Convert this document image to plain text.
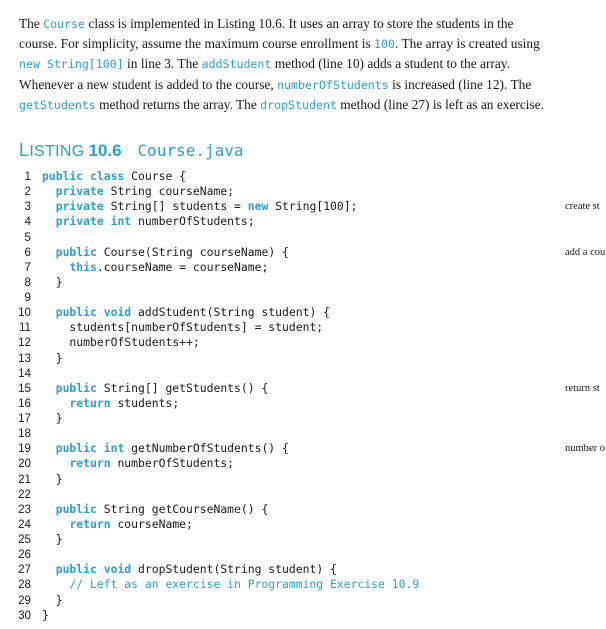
The Course class is implemented in Listing 10.6. It uses an array to store the students in the course. For simplicity, assume the maximum course enrollment is 100. The array is created using new String[100] in line 3. The addStudent method (line 10) adds a student to the array. Whenever a new student is added to the course, numberOfStudents is increased (line 12). The getStudents method returns the array. The dropStudent method (line 27) is left as an exercise.

LISTING 10.6 Course.java
1 public class Course {
2	private String courseName;
3	private String[] students = new String[100];	create st
4	private int numberOfStudents;
5
6	public Course(String courseName) {	add a cou
7	this.courseName = courseName;
8 }
9
10	public void addStudent(String student) {
11 students[numberOfStudents] = student;
12 numberOfStudents++;
13 }
14
15	public String[] getStudents() {	return st
16	return students;
17 }
18
19	public int getNumberOfStudents() {	number o
20	return numberOfStudents;
21 }
22
23	public String getCourseName() {
24	return courseName;
25 }
26
27	public void dropStudent(String student) {
28	// Left as an exercise in Programming Exercise 10.9
29 }
30 }
